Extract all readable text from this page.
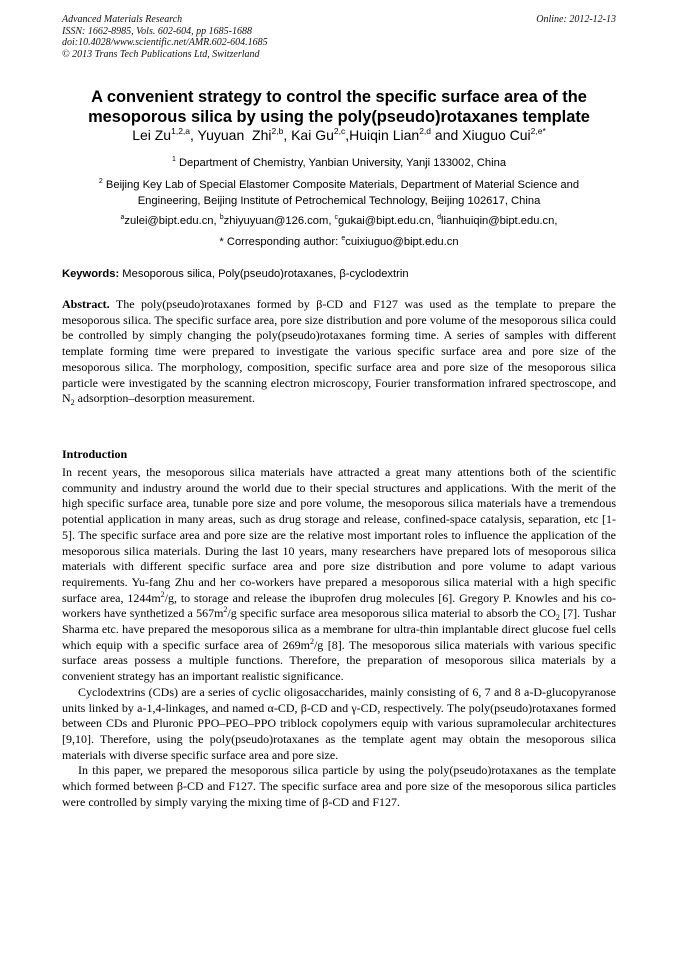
Advanced Materials Research
ISSN: 1662-8985, Vols. 602-604, pp 1685-1688
doi:10.4028/www.scientific.net/AMR.602-604.1685
© 2013 Trans Tech Publications Ltd, Switzerland
Online: 2012-12-13
A convenient strategy to control the specific surface area of the
mesoporous silica by using the poly(pseudo)rotaxanes template
Lei Zu$^{1,2,a}$, Yuyuan  Zhi$^{2,b}$, Kai Gu$^{2,c}$,Huiqin Lian$^{2,d}$ and Xiuguo Cui$^{2,e*}$
$^1$ Department of Chemistry, Yanbian University, Yanji 133002, China
$^2$ Beijing Key Lab of Special Elastomer Composite Materials, Department of Material Science and
Engineering, Beijing Institute of Petrochemical Technology, Beijing 102617, China
$^a$zulei@bipt.edu.cn, $^b$zhiyuyuan@126.com, $^c$gukai@bipt.edu.cn, $^d$lianhuiqin@bipt.edu.cn,
* Corresponding author: $^e$cuixiuguo@bipt.edu.cn
Keywords: Mesoporous silica, Poly(pseudo)rotaxanes, β-cyclodextrin

Abstract. The poly(pseudo)rotaxanes formed by β-CD and F127 was used as the template to prepare the mesoporous silica. The specific surface area, pore size distribution and pore volume of the mesoporous silica could be controlled by simply changing the poly(pseudo)rotaxanes forming time. A series of samples with different template forming time were prepared to investigate the various specific surface area and pore size of the mesoporous silica. The morphology, composition, specific surface area and pore size of the mesoporous silica particle were investigated by the scanning electron microscopy, Fourier transformation infrared spectroscope, and $N_2$ adsorption–desorption measurement.

Introduction

In recent years, the mesoporous silica materials have attracted a great many attentions both of the scientific community and industry around the world due to their special structures and applications. With the merit of the high specific surface area, tunable pore size and pore volume, the mesoporous silica materials have a tremendous potential application in many areas, such as drug storage and release, confined-space catalysis, separation, etc [1-5]. The specific surface area and pore size are the relative most important roles to influence the application of the mesoporous silica materials. During the last 10 years, many researchers have prepared lots of mesoporous silica materials with different specific surface area and pore size distribution and pore volume to adapt various requirements. Yu-fang Zhu and her co-workers have prepared a mesoporous silica material with a high specific surface area, $1244m^2/g$, to storage and release the ibuprofen drug molecules [6]. Gregory P. Knowles and his co-workers have synthetized a $567m^2/g$ specific surface area mesoporous silica material to absorb the $CO_2$ [7]. Tushar Sharma etc. have prepared the mesoporous silica as a membrane for ultra-thin implantable direct glucose fuel cells which equip with a specific surface area of $269m^2/g$ [8]. The mesoporous silica materials with various specific surface areas possess a multiple functions. Therefore, the preparation of mesoporous silica materials by a convenient strategy has an important realistic significance.

Cyclodextrins (CDs) are a series of cyclic oligosaccharides, mainly consisting of 6, 7 and 8 a-D-glucopyranose units linked by a-1,4-linkages, and named α-CD, β-CD and γ-CD, respectively. The poly(pseudo)rotaxanes formed between CDs and Pluronic PPO–PEO–PPO triblock copolymers equip with various supramolecular architectures [9,10]. Therefore, using the poly(pseudo)rotaxanes as the template agent may obtain the mesoporous silica materials with diverse specific surface area and pore size.

In this paper, we prepared the mesoporous silica particle by using the poly(pseudo)rotaxanes as the template which formed between β-CD and F127. The specific surface area and pore size of the mesoporous silica particles were controlled by simply varying the mixing time of β-CD and F127.
